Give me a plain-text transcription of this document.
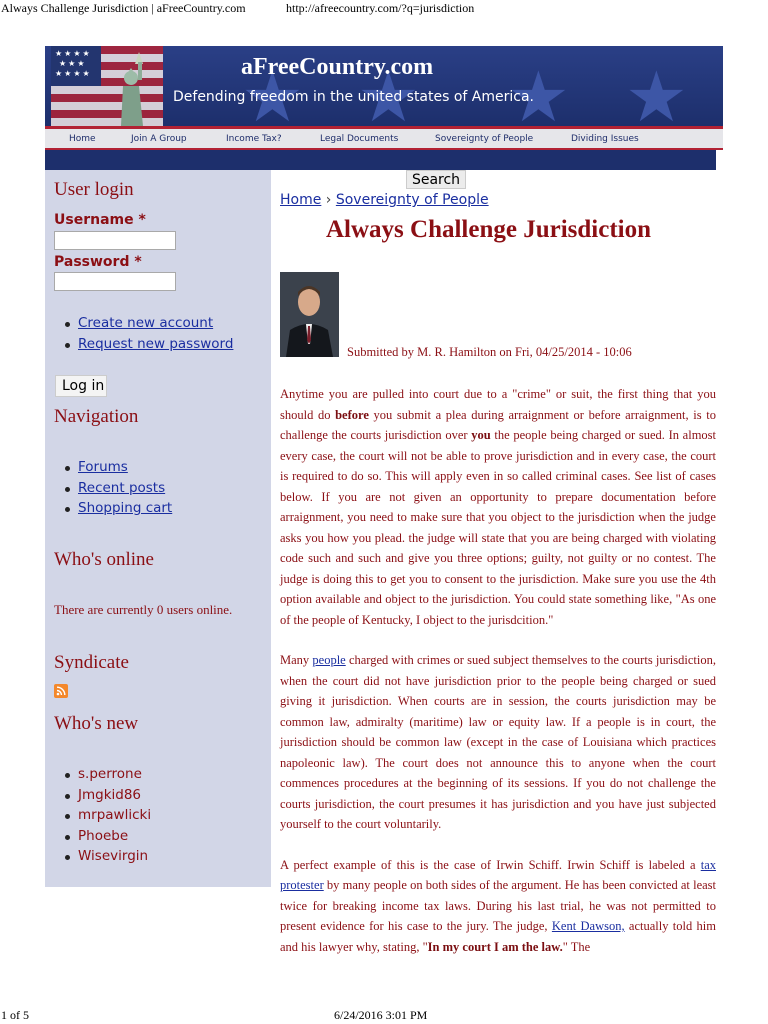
Always Challenge Jurisdiction | aFreeCountry.com	http://afreecountry.com/?q=jurisdiction
★ ★ ★ ★
★ ★ ★ ★
★ ★ ★
★ ★ ★ ★	aFreeCountry.com
Defending freedom in the united states of America.
Home	Join A Group	Income Tax?	Legal Documents	Sovereignty of People	Dividing Issues
User login
Username *
Password *
Create new account
Request new password
Log in
Navigation
Forums
Recent posts
Shopping cart
Who's online
There are currently 0 users online.
Syndicate
Who's new
s.perrone
Jmgkid86
mrpawlicki
Phoebe
Wisevirgin
Search
Home › Sovereignty of People
Always Challenge Jurisdiction
Submitted by M. R. Hamilton on Fri, 04/25/2014 - 10:06

Anytime you are pulled into court due to a "crime" or suit, the first thing that you should do before you submit a plea during arraignment or before arraignment, is to challenge the courts jurisdiction over you the people being charged or sued. In almost every case, the court will not be able to prove jurisdiction and in every case, the court is required to do so. This will apply even in so called criminal cases. See list of cases below. If you are not given an opportunity to prepare documentation before arraignment, you need to make sure that you object to the jurisdiction when the judge asks you how you plead. the judge will state that you are being charged with violating code such and such and give you three options; guilty, not guilty or no contest. The judge is doing this to get you to consent to the jurisdiction. Make sure you use the 4th option available and object to the jurisdiction. You could state something like, "As one of the people of Kentucky, I object to the jurisdcition."

Many people charged with crimes or sued subject themselves to the courts jurisdiction, when the court did not have jurisdiction prior to the people being charged or sued giving it jurisdiction. When courts are in session, the courts jurisdiction may be common law, admiralty (maritime) law or equity law. If a people is in court, the jurisdiction should be common law (except in the case of Louisiana which practices napoleonic law). The court does not announce this to anyone when the court commences procedures at the beginning of its sessions. If you do not challenge the courts jurisdiction, the court presumes it has jurisdiction and you have just subjected yourself to the court voluntarily.

A perfect example of this is the case of Irwin Schiff. Irwin Schiff is labeled a tax protester by many people on both sides of the argument. He has been convicted at least twice for breaking income tax laws. During his last trial, he was not permitted to present evidence for his case to the jury. The judge, Kent Dawson, actually told him and his lawyer why, stating, "In my court I am the law." The

1 of 5	6/24/2016 3:01 PM
